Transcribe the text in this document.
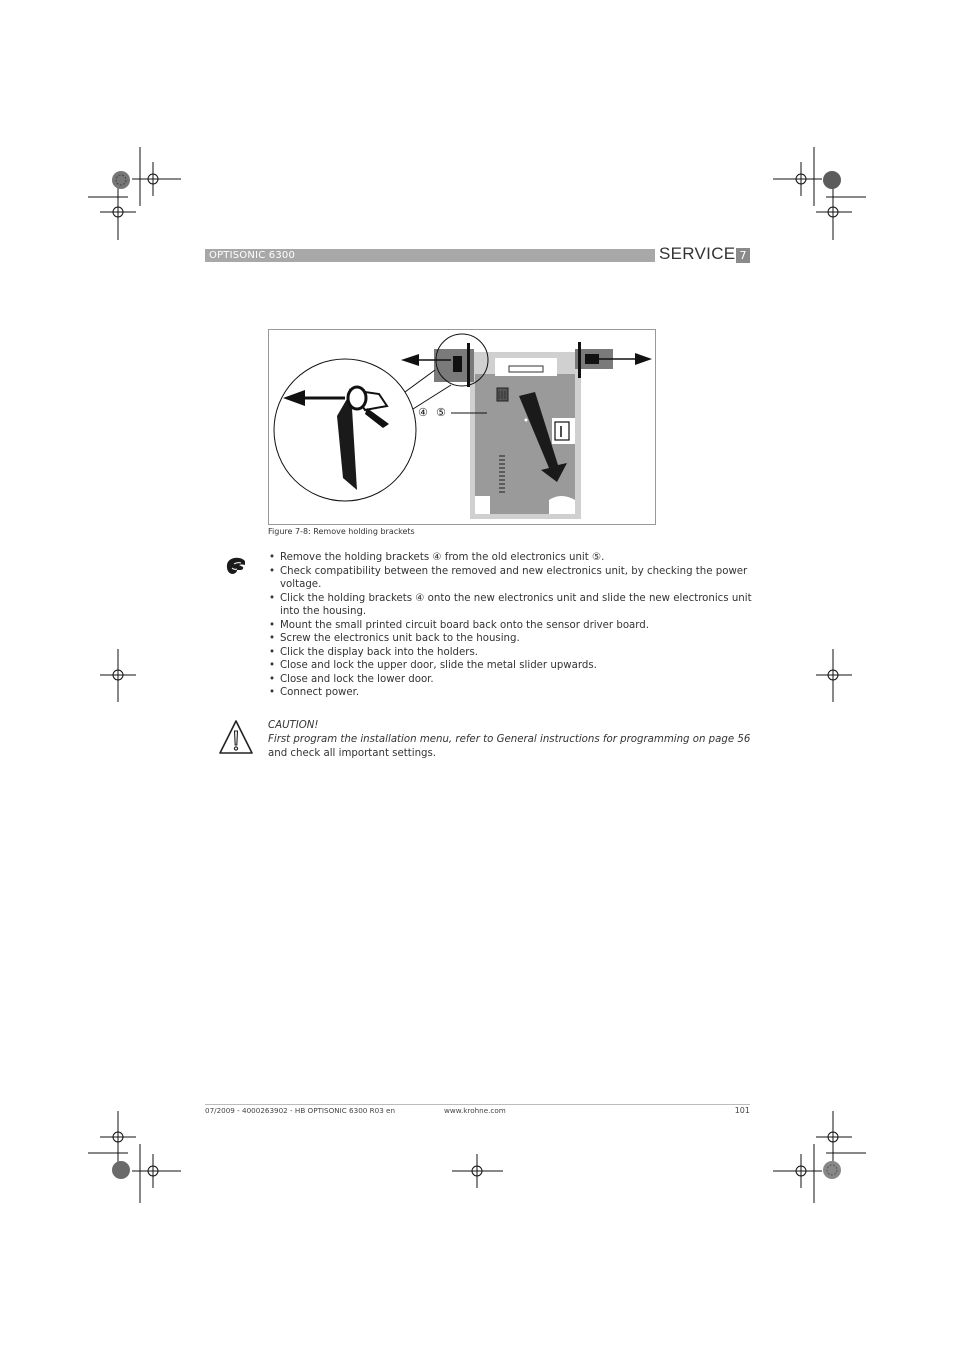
OPTISONIC 6300	SERVICE 7
④ ⑤
Figure 7-8: Remove holding brackets
• Remove the holding brackets ④ from the old electronics unit ⑤.
• Check compatibility between the removed and new electronics unit, by checking the power voltage.
• Click the holding brackets ④ onto the new electronics unit and slide the new electronics unit into the housing.
• Mount the small printed circuit board back onto the sensor driver board.
• Screw the electronics unit back to the housing.
• Click the display back into the holders.
• Close and lock the upper door, slide the metal slider upwards.
• Close and lock the lower door.
• Connect power.
CAUTION!
First program the installation menu, refer to General instructions for programming on page 56
and check all important settings.
07/2009 - 4000263902 - HB OPTISONIC 6300 R03 en	www.krohne.com	101
